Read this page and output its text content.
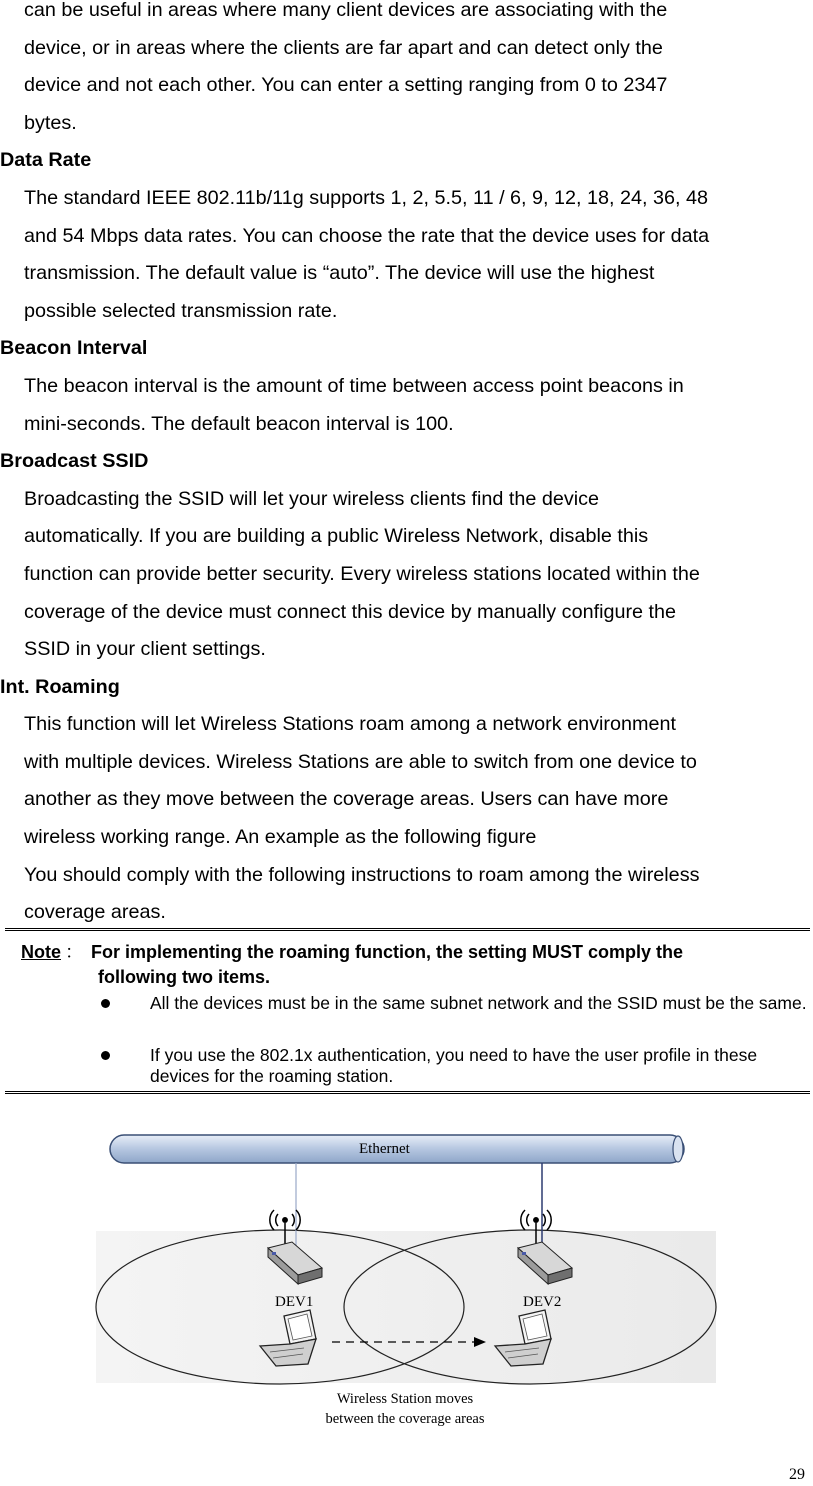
can be useful in areas where many client devices are associating with the
device, or in areas where the clients are far apart and can detect only the
device and not each other. You can enter a setting ranging from 0 to 2347
bytes.
Data Rate
The standard IEEE 802.11b/11g supports 1, 2, 5.5, 11 / 6, 9, 12, 18, 24, 36, 48
and 54 Mbps data rates. You can choose the rate that the device uses for data
transmission. The default value is “auto”. The device will use the highest
possible selected transmission rate.
Beacon Interval
The beacon interval is the amount of time between access point beacons in
mini-seconds. The default beacon interval is 100.
Broadcast SSID
Broadcasting the SSID will let your wireless clients find the device
automatically. If you are building a public Wireless Network, disable this
function can provide better security. Every wireless stations located within the
coverage of the device must connect this device by manually configure the
SSID in your client settings.
Int. Roaming
This function will let Wireless Stations roam among a network environment
with multiple devices. Wireless Stations are able to switch from one device to
another as they move between the coverage areas. Users can have more
wireless working range. An example as the following figure
You should comply with the following instructions to roam among the wireless
coverage areas.
Note ： For implementing the roaming function, the setting MUST comply the
following two items.
All the devices must be in the same subnet network and the SSID must be the same.
If you use the 802.1x authentication, you need to have the user profile in these devices for the roaming station.
Ethernet
DEV1	DEV2
Wireless Station moves
between the coverage areas
29
